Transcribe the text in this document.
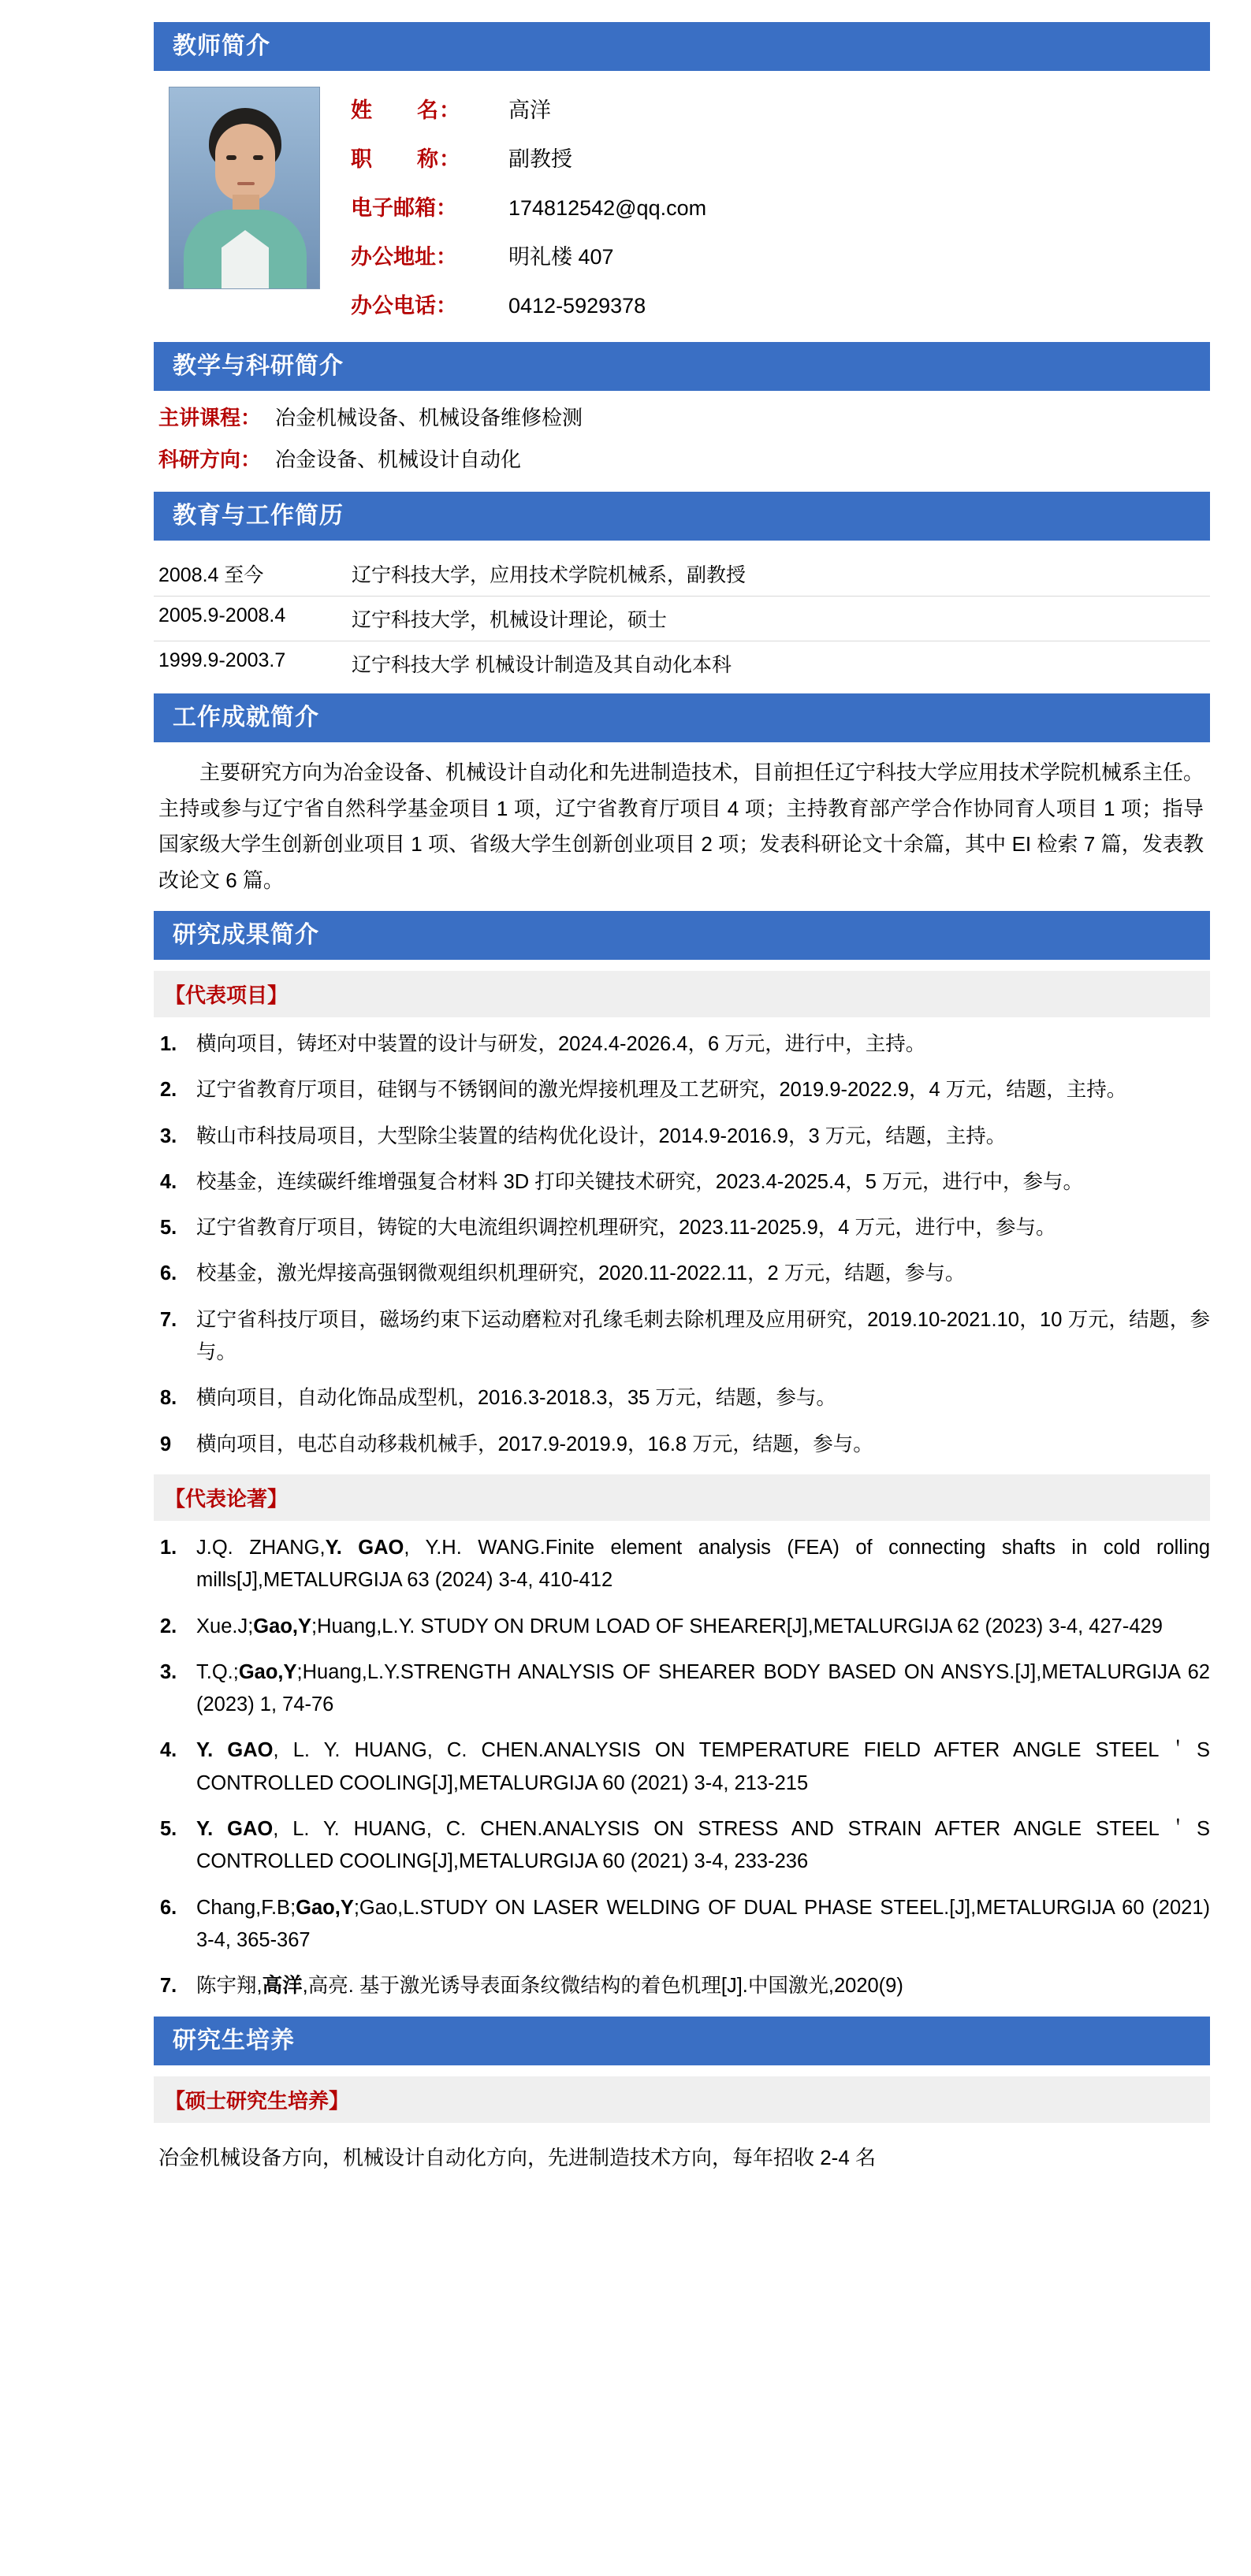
教师简介
姓　　名：	高洋
职　　称：	副教授
电子邮箱：	174812542@qq.com
办公地址：	明礼楼 407
办公电话：	0412-5929378
教学与科研简介
主讲课程： 冶金机械设备、机械设备维修检测
科研方向： 冶金设备、机械设计自动化
教育与工作简历
2008.4 至今	辽宁科技大学，应用技术学院机械系，副教授
2005.9-2008.4	辽宁科技大学，机械设计理论，硕士
1999.9-2003.7	辽宁科技大学 机械设计制造及其自动化本科
工作成就简介
主要研究方向为冶金设备、机械设计自动化和先进制造技术，目前担任辽宁科技大学应用技术学院机械系主任。主持或参与辽宁省自然科学基金项目 1 项，辽宁省教育厅项目 4 项；主持教育部产学合作协同育人项目 1 项；指导国家级大学生创新创业项目 1 项、省级大学生创新创业项目 2 项；发表科研论文十余篇，其中 EI 检索 7 篇，发表教改论文 6 篇。
研究成果简介
【代表项目】
1. 横向项目，铸坯对中装置的设计与研发，2024.4-2026.4，6 万元，进行中，主持。
2. 辽宁省教育厅项目，硅钢与不锈钢间的激光焊接机理及工艺研究，2019.9-2022.9，4 万元，结题，主持。
3. 鞍山市科技局项目，大型除尘装置的结构优化设计，2014.9-2016.9，3 万元，结题，主持。
4. 校基金，连续碳纤维增强复合材料 3D 打印关键技术研究，2023.4-2025.4，5 万元，进行中，参与。
5. 辽宁省教育厅项目，铸锭的大电流组织调控机理研究，2023.11-2025.9，4 万元，进行中，参与。
6. 校基金，激光焊接高强钢微观组织机理研究，2020.11-2022.11，2 万元，结题，参与。
7. 辽宁省科技厅项目，磁场约束下运动磨粒对孔缘毛刺去除机理及应用研究，2019.10-2021.10，10 万元，结题，参与。
8. 横向项目，自动化饰品成型机，2016.3-2018.3，35 万元，结题，参与。
9 横向项目，电芯自动移栽机械手，2017.9-2019.9，16.8 万元，结题，参与。
【代表论著】
1. J.Q. ZHANG,Y. GAO, Y.H. WANG.Finite element analysis (FEA) of connecting shafts in cold rolling mills[J],METALURGIJA 63 (2024) 3-4, 410-412
2. Xue.J;Gao,Y;Huang,L.Y. STUDY ON DRUM LOAD OF SHEARER[J],METALURGIJA 62 (2023) 3-4, 427-429
3. T.Q.;Gao,Y;Huang,L.Y.STRENGTH ANALYSIS OF SHEARER BODY BASED ON ANSYS.[J],METALURGIJA 62 (2023) 1, 74-76
4. Y. GAO, L. Y. HUANG, C. CHEN.ANALYSIS ON TEMPERATURE FIELD AFTER ANGLE STEEL＇S CONTROLLED COOLING[J],METALURGIJA 60 (2021) 3-4, 213-215
5. Y. GAO, L. Y. HUANG, C. CHEN.ANALYSIS ON STRESS AND STRAIN AFTER ANGLE STEEL＇S CONTROLLED COOLING[J],METALURGIJA 60 (2021) 3-4, 233-236
6. Chang,F.B;Gao,Y;Gao,L.STUDY ON LASER WELDING OF DUAL PHASE STEEL.[J],METALURGIJA 60 (2021) 3-4, 365-367
7. 陈宇翔,高洋,高亮. 基于激光诱导表面条纹微结构的着色机理[J].中国激光,2020(9)
研究生培养
【硕士研究生培养】
冶金机械设备方向，机械设计自动化方向，先进制造技术方向，每年招收 2-4 名
